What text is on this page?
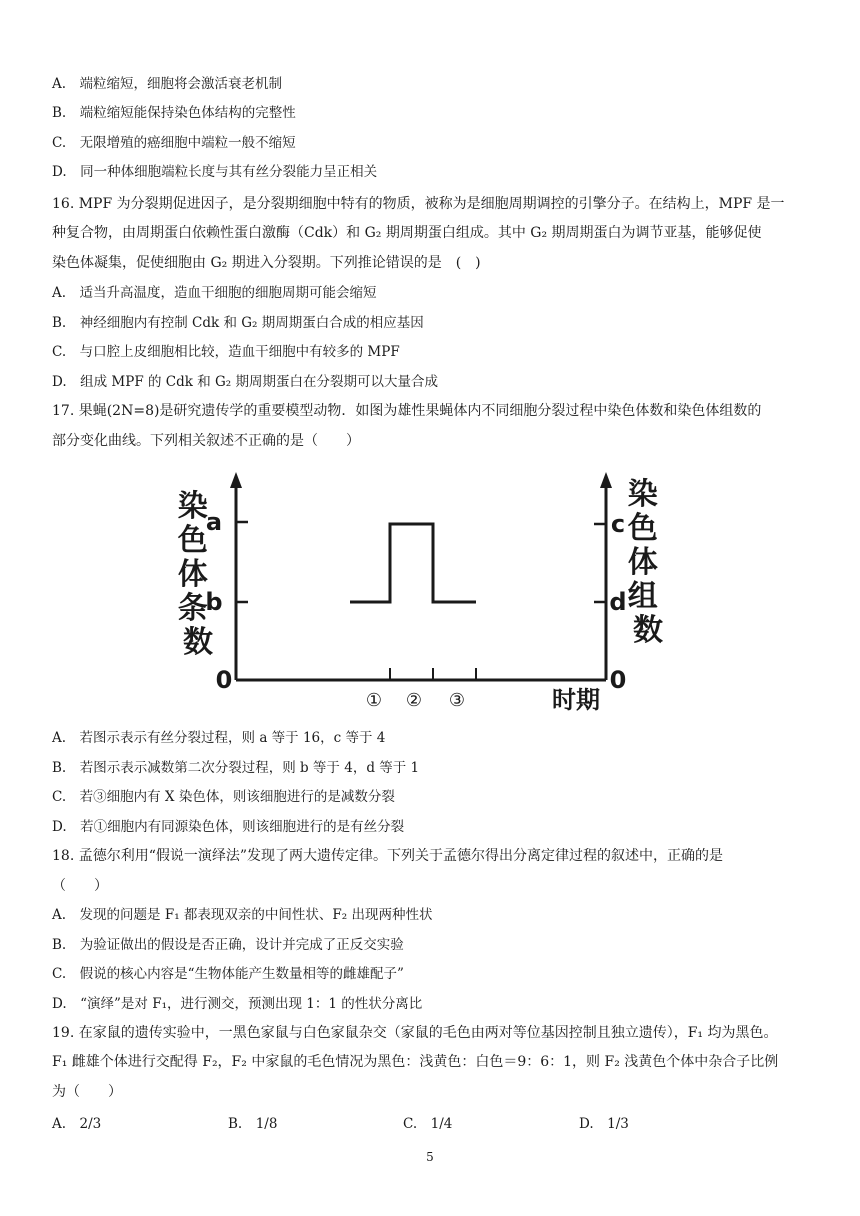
A.　端粒缩短，细胞将会激活衰老机制
B.　端粒缩短能保持染色体结构的完整性
C.　无限增殖的癌细胞中端粒一般不缩短
D.　同一种体细胞端粒长度与其有丝分裂能力呈正相关
16. MPF 为分裂期促进因子，是分裂期细胞中特有的物质，被称为是细胞周期调控的引擎分子。在结构上，MPF 是一
种复合物，由周期蛋白依赖性蛋白激酶（Cdk）和 G₂ 期周期蛋白组成。其中 G₂ 期周期蛋白为调节亚基，能够促使
染色体凝集，促使细胞由 G₂ 期进入分裂期。下列推论错误的是　(　)
A.　适当升高温度，造血干细胞的细胞周期可能会缩短
B.　神经细胞内有控制 Cdk 和 G₂ 期周期蛋白合成的相应基因
C.　与口腔上皮细胞相比较，造血干细胞中有较多的 MPF
D.　组成 MPF 的 Cdk 和 G₂ 期周期蛋白在分裂期可以大量合成
17. 果蝇(2N=8)是研究遗传学的重要模型动物．如图为雄性果蝇体内不同细胞分裂过程中染色体数和染色体组数的
部分变化曲线。下列相关叙述不正确的是（　　）
a
b
c
d
0	0
① ② ③	时期
染 色 体 条 数
染 色 体 组 数
A.　若图示表示有丝分裂过程，则 a 等于 16，c 等于 4
B.　若图示表示减数第二次分裂过程，则 b 等于 4，d 等于 1
C.　若③细胞内有 X 染色体，则该细胞进行的是减数分裂
D.　若①细胞内有同源染色体，则该细胞进行的是有丝分裂
18. 孟德尔利用“假说一演绎法”发现了两大遗传定律。下列关于孟德尔得出分离定律过程的叙述中，正确的是
（　　）
A.　发现的问题是 F₁ 都表现双亲的中间性状、F₂ 出现两种性状
B.　为验证做出的假设是否正确，设计并完成了正反交实验
C.　假说的核心内容是“生物体能产生数量相等的雌雄配子”
D.　“演绎”是对 F₁，进行测交，预测出现 1：1 的性状分离比
19. 在家鼠的遗传实验中，一黑色家鼠与白色家鼠杂交（家鼠的毛色由两对等位基因控制且独立遗传），F₁ 均为黑色。
F₁ 雌雄个体进行交配得 F₂，F₂ 中家鼠的毛色情况为黑色：浅黄色：白色＝9：6：1，则 F₂ 浅黄色个体中杂合子比例
为（　　）
A.　2/3	B.　1/8	C.　1/4	D.　1/3
5
